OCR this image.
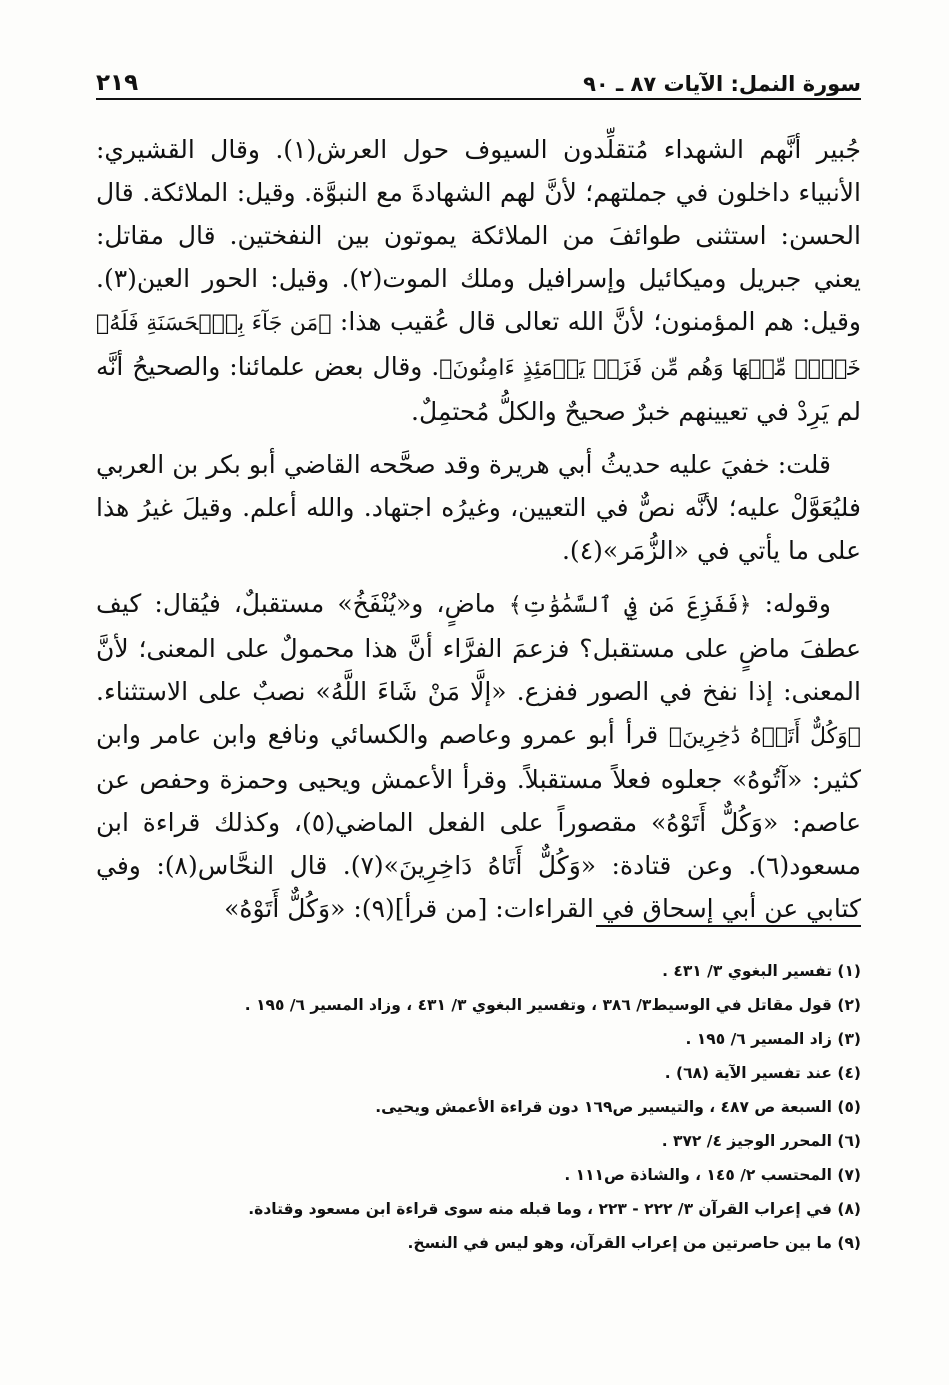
سورة النمل: الآيات ٨٧ ـ ٩٠
٢١٩

جُبير أنَّهم الشهداء مُتقلِّدون السيوف حول العرش(١). وقال القشيري: الأنبياء داخلون في جملتهم؛ لأنَّ لهم الشهادةَ مع النبوَّة. وقيل: الملائكة. قال الحسن: استثنى طوائفَ من الملائكة يموتون بين النفختين. قال مقاتل: يعني جبريل وميكائيل وإسرافيل وملك الموت(٢). وقيل: الحور العين(٣). وقيل: هم المؤمنون؛ لأنَّ الله تعالى قال عُقيب هذا: ﴿مَن جَآءَ بِٱلۡحَسَنَةِ فَلَهُۥ خَيۡرٞ مِّنۡهَا وَهُم مِّن فَزَعٖ يَوۡمَئِذٍ ءَامِنُونَ﴾. وقال بعض علمائنا: والصحيحُ أنَّه لم يَرِدْ في تعيينهم خبرٌ صحيحٌ والكلُّ مُحتمِلٌ.

قلت: خفيَ عليه حديثُ أبي هريرة وقد صحَّحه القاضي أبو بكر بن العربي فليُعَوَّلْ عليه؛ لأنَّه نصٌّ في التعيين، وغيرُه اجتهاد. والله أعلم. وقيلَ غيرُ هذا على ما يأتي في «الزُّمَر»(٤).

وقوله: ﴿فَفَزِعَ مَن فِي ٱلسَّمَٰوَٰتِ﴾ ماضٍ، و«يُنْفَخُ» مستقبلٌ، فيُقال: كيف عطفَ ماضٍ على مستقبل؟ فزعمَ الفرَّاء أنَّ هذا محمولٌ على المعنى؛ لأنَّ المعنى: إذا نفخ في الصور ففزع. «إلَّا مَنْ شَاءَ اللَّهُ» نصبٌ على الاستثناء. ﴿وَكُلٌّ أَتَوۡهُ دَٰخِرِينَ﴾ قرأ أبو عمرو وعاصم والكسائي ونافع وابن عامر وابن كثير: «آتُوهُ» جعلوه فعلاً مستقبلاً. وقرأ الأعمش ويحيى وحمزة وحفص عن عاصم: «وَكُلٌّ أَتَوْهُ» مقصوراً على الفعل الماضي(٥)، وكذلك قراءة ابن مسعود(٦). وعن قتادة: «وَكُلٌّ أَتَاهُ دَاخِرِينَ»(٧). قال النحَّاس(٨): وفي كتابي عن أبي إسحاق في القراءات: [من قرأ](٩): «وَكُلٌّ أَتَوْهُ»

(١) تفسير البغوي ٣/ ٤٣١ .
(٢) قول مقاتل في الوسيط٣/ ٣٨٦ ، وتفسير البغوي ٣/ ٤٣١ ، وزاد المسير ٦/ ١٩٥ .
(٣) زاد المسير ٦/ ١٩٥ .
(٤) عند تفسير الآية (٦٨) .
(٥) السبعة ص ٤٨٧ ، والتيسير ص١٦٩ دون قراءة الأعمش ويحيى.
(٦) المحرر الوجيز ٤/ ٣٧٢ .
(٧) المحتسب ٢/ ١٤٥ ، والشاذة ص١١١ .
(٨) في إعراب القرآن ٣/ ٢٢٢ - ٢٢٣ ، وما قبله منه سوى قراءة ابن مسعود وقتادة.
(٩) ما بين حاصرتين من إعراب القرآن، وهو ليس في النسخ.
